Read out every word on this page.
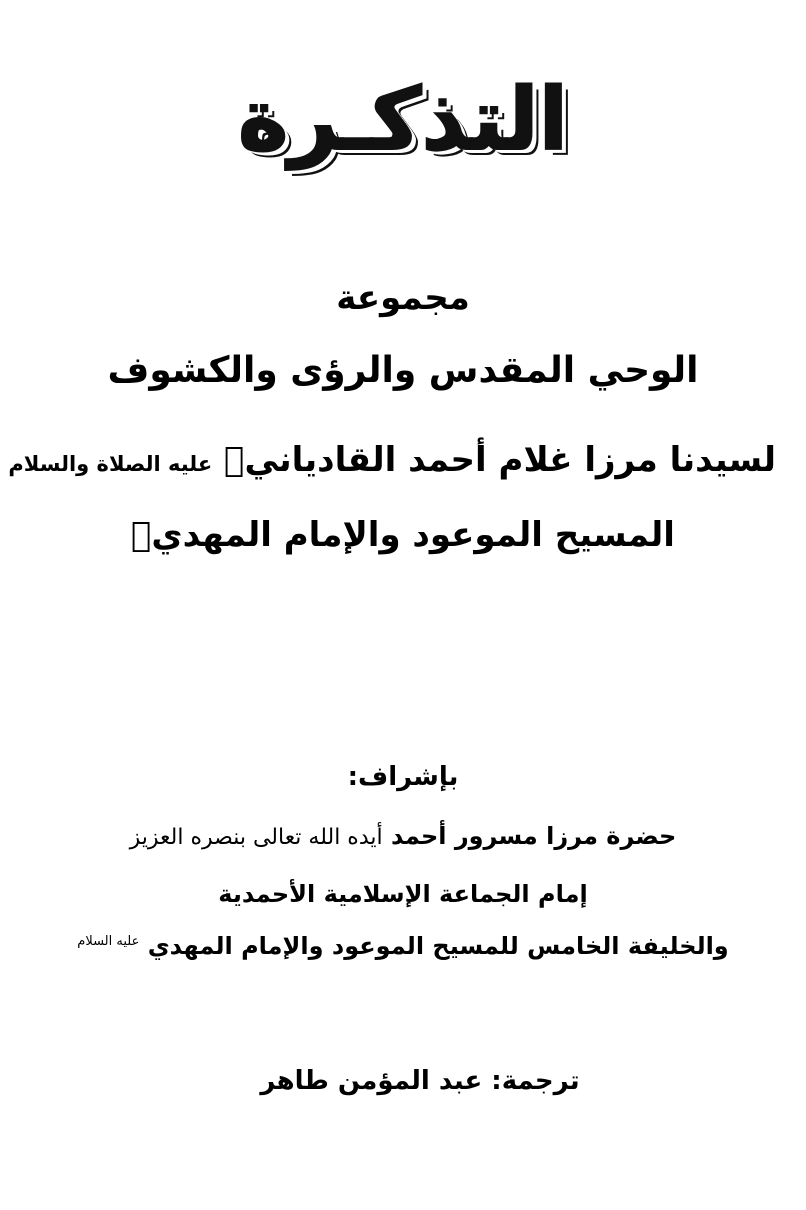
التذكـرة
مجموعة
الوحي المقدس والرؤى والكشوف
لسيدنا مرزا غلام أحمد القادياني عليه الصلاة والسلام
المسيح الموعود والإمام المهدي
بإشراف:
حضرة مرزا مسرور أحمد أيده الله تعالى بنصره العزيز
إمام الجماعة الإسلامية الأحمدية
والخليفة الخامس للمسيح الموعود والإمام المهدي $^{عليه السلام}$
ترجمة: عبد المؤمن طاهر
